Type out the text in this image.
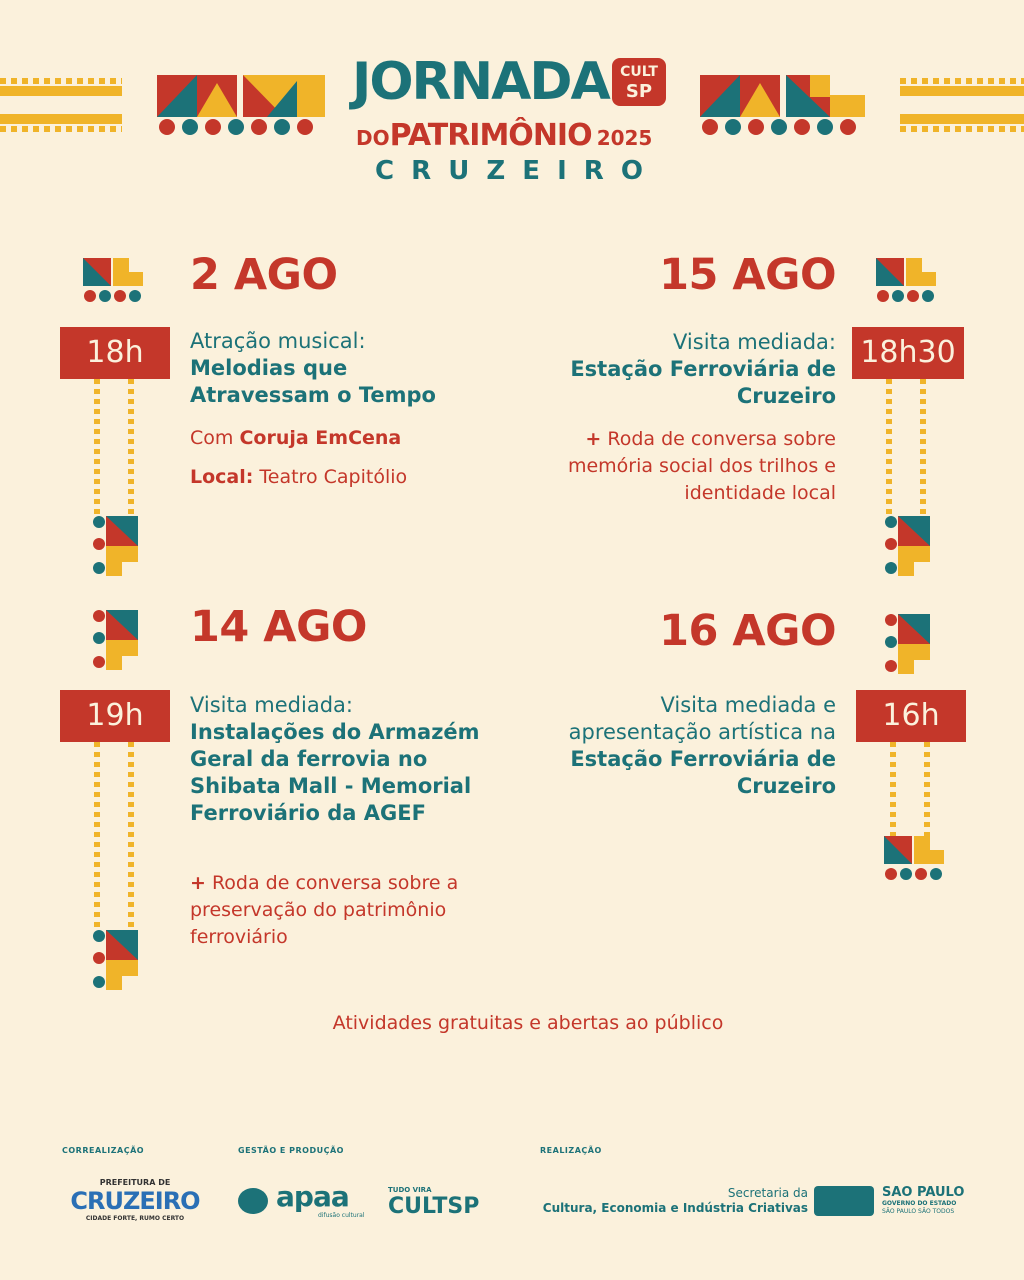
JORNADA CULT
SP
DOPATRIMÔNIO 2025
C R U Z E I R O
2 AGO
18h	Atração musical:
Melodias que Atravessam o Tempo
Com Coruja EmCena
Local: Teatro Capitólio
15 AGO
18h30
Visita mediada:
Estação Ferroviária de Cruzeiro
+ Roda de conversa sobre memória social dos trilhos e identidade local
14 AGO
19h	Visita mediada:
Instalações do Armazém Geral da ferrovia no Shibata Mall - Memorial Ferroviário da AGEF
+ Roda de conversa sobre a preservação do patrimônio ferroviário
16 AGO
16h
Visita mediada e apresentação artística na Estação Ferroviária de Cruzeiro
Atividades gratuitas e abertas ao público
CORREALIZAÇÃO	GESTÃO E PRODUÇÃO	REALIZAÇÃO
PREFEITURA DE
CRUZEIRO
CIDADE FORTE, RUMO CERTO
apaa
difusão cultural
TUDO VIRA
CULTSP
Secretaria da
Cultura, Economia e Indústria Criativas
SAO PAULO
GOVERNO DO ESTADO
SÃO PAULO SÃO TODOS
